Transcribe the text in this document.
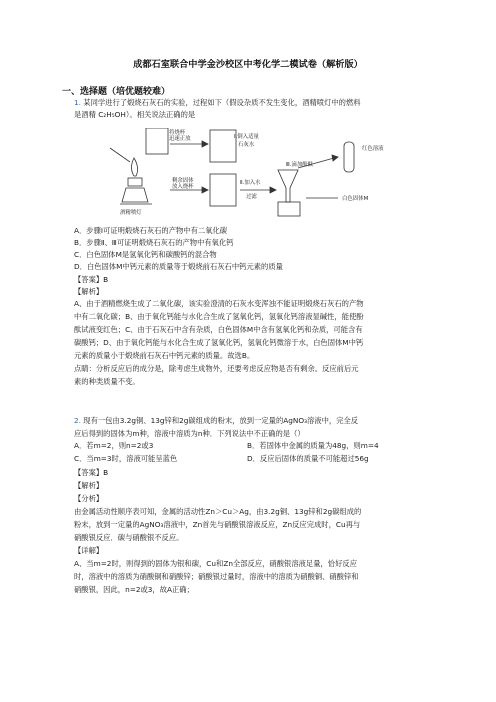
成都石室联合中学金沙校区中考化学二模试卷（解析版）
一、选择题（培优题较难）
1. 某同学进行了煅烧石灰石的实验，过程如下（假设杂质不发生变化，酒精喷灯中的燃料
是酒精 C₂H₅OH）。相关说法正确的是
将烧杯
迅速正放	Ⅰ.倒入适量
石灰水
Ⅲ.滴加酚酞
红色溶液
剩余固体
放入烧杯
Ⅱ.加入水
过滤	白色固体M
酒精喷灯
A．步骤Ⅰ可证明煅烧石灰石的产物中有二氧化碳
B．步骤Ⅱ、Ⅲ可证明煅烧石灰石的产物中有氧化钙
C．白色固体M是氢氧化钙和碳酸钙的混合物
D．白色固体M中钙元素的质量等于煅烧前石灰石中钙元素的质量
【答案】B
【解析】
A、由于酒精燃烧生成了二氧化碳，该实验澄清的石灰水变浑浊不能证明煅烧石灰石的产物
中有二氧化碳；B、由于氧化钙能与水化合生成了氢氧化钙，氢氧化钙溶液显碱性，能使酚
酞试液变红色；C、由于石灰石中含有杂质，白色固体M中含有氢氧化钙和杂质，可能含有
碳酸钙；D、由于氧化钙能与水化合生成了氢氧化钙，氢氧化钙微溶于水，白色固体M中钙
元素的质量小于煅烧前石灰石中钙元素的质量。故选B。
点睛：分析反应后的成分是，除考虑生成物外，还要考虑反应物是否有剩余。反应前后元
素的种类质量不变。
2. 现有一包由3.2g铜、13g锌和2g碳组成的粉末，放到一定量的AgNO₃溶液中，完全反
应后得到的固体为m种，溶液中溶质为n种．下列说法中不正确的是（）
A．若m=2，则n=2或3	B．若固体中金属的质量为48g，则m=4
C．当m=3时，溶液可能呈蓝色	D．反应后固体的质量不可能超过56g
【答案】B
【解析】
【分析】
由金属活动性顺序表可知，金属的活动性Zn＞Cu＞Ag，由3.2g铜、13g锌和2g碳组成的
粉末，放到一定量的AgNO₃溶液中，Zn首先与硝酸银溶液反应，Zn反应完成时，Cu再与
硝酸银反应．碳与硝酸银不反应。
【详解】
A、当m=2时，则得到的固体为银和碳，Cu和Zn全部反应，硝酸银溶液足量，恰好反应
时，溶液中的溶质为硝酸铜和硝酸锌；硝酸银过量时，溶液中的溶质为硝酸铜、硝酸锌和
硝酸银，因此，n=2或3，故A正确；
